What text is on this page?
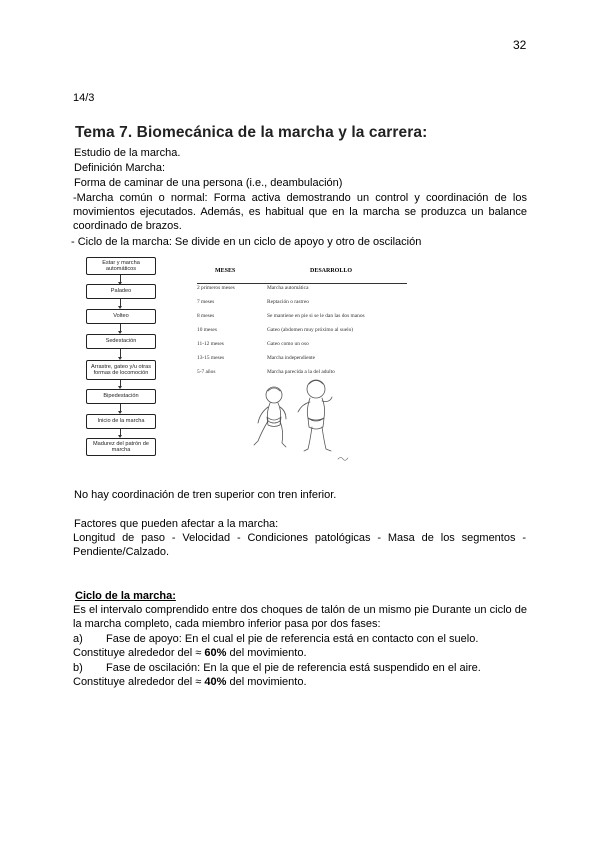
32
14/3
Tema 7. Biomecánica de la marcha y la carrera:
Estudio de la marcha.
Definición Marcha:
Forma de caminar de una persona (i.e., deambulación)
-Marcha común o normal: Forma activa demostrando un control y coordinación de los movimientos ejecutados. Además, es habitual que en la marcha se produzca un balance coordinado de brazos.
- Ciclo de la marcha: Se divide en un ciclo de apoyo y otro de oscilación
Estar y marcha automáticos
Paladeo
Volteo
Sedestación
Arrastre, gateo y/u otras formas de locomoción
Bipedestación
Inicio de la marcha
Madurez del patrón de marcha
MESES	DESARROLLO
2 primeros meses	Marcha automática
7 meses	Reptación o rastreo
8 meses	Se mantiene en pie si se le dan las dos manos
10 meses	Gateo (abdomen muy próximo al suelo)
11-12 meses	Gateo como un oso
13-15 meses	Marcha independiente
5-7 años	Marcha parecida a la del adulto
No hay coordinación de tren superior con tren inferior.
Factores que pueden afectar a la marcha:
Longitud de paso - Velocidad - Condiciones patológicas - Masa de los segmentos - Pendiente/Calzado.
Ciclo de la marcha:
Es el intervalo comprendido entre dos choques de talón de un mismo pie Durante un ciclo de la marcha completo, cada miembro inferior pasa por dos fases:
a) Fase de apoyo: En el cual el pie de referencia está en contacto con el suelo.
Constituye alrededor del ≈ 60% del movimiento.
b) Fase de oscilación: En la que el pie de referencia está suspendido en el aire.
Constituye alrededor del ≈ 40% del movimiento.
